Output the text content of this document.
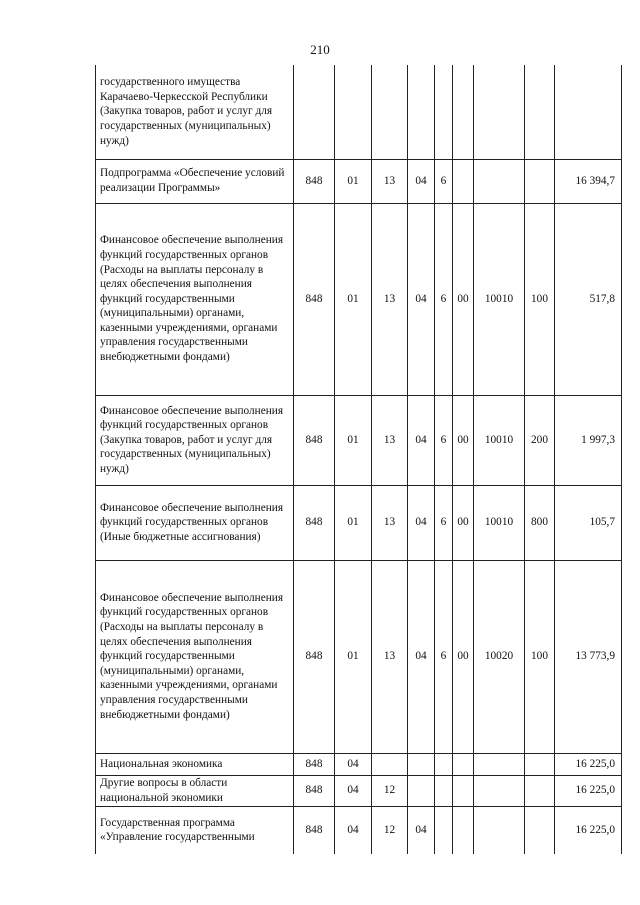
210
государственного имущества Карачаево-Черкесской Республики (Закупка товаров, работ и услуг для государственных (муниципальных) нужд)									
Подпрограмма «Обеспечение условий реализации Программы»	848	01	13	04	6				16 394,7
Финансовое обеспечение выполнения функций государственных органов (Расходы на выплаты персоналу в целях обеспечения выполнения функций государственными (муниципальными) органами, казенными учреждениями, органами управления государственными внебюджетными фондами)	848	01	13	04	6	00	10010	100	517,8
Финансовое обеспечение выполнения функций государственных органов (Закупка товаров, работ и услуг для государственных (муниципальных) нужд)	848	01	13	04	6	00	10010	200	1 997,3
Финансовое обеспечение выполнения функций государственных органов (Иные бюджетные ассигнования)	848	01	13	04	6	00	10010	800	105,7
Финансовое обеспечение выполнения функций государственных органов (Расходы на выплаты персоналу в целях обеспечения выполнения функций государственными (муниципальными) органами, казенными учреждениями, органами управления государственными внебюджетными фондами)	848	01	13	04	6	00	10020	100	13 773,9
Национальная экономика	848	04							16 225,0
Другие вопросы в области национальной экономики	848	04	12						16 225,0
Государственная программа «Управление государственными	848	04	12	04					16 225,0
